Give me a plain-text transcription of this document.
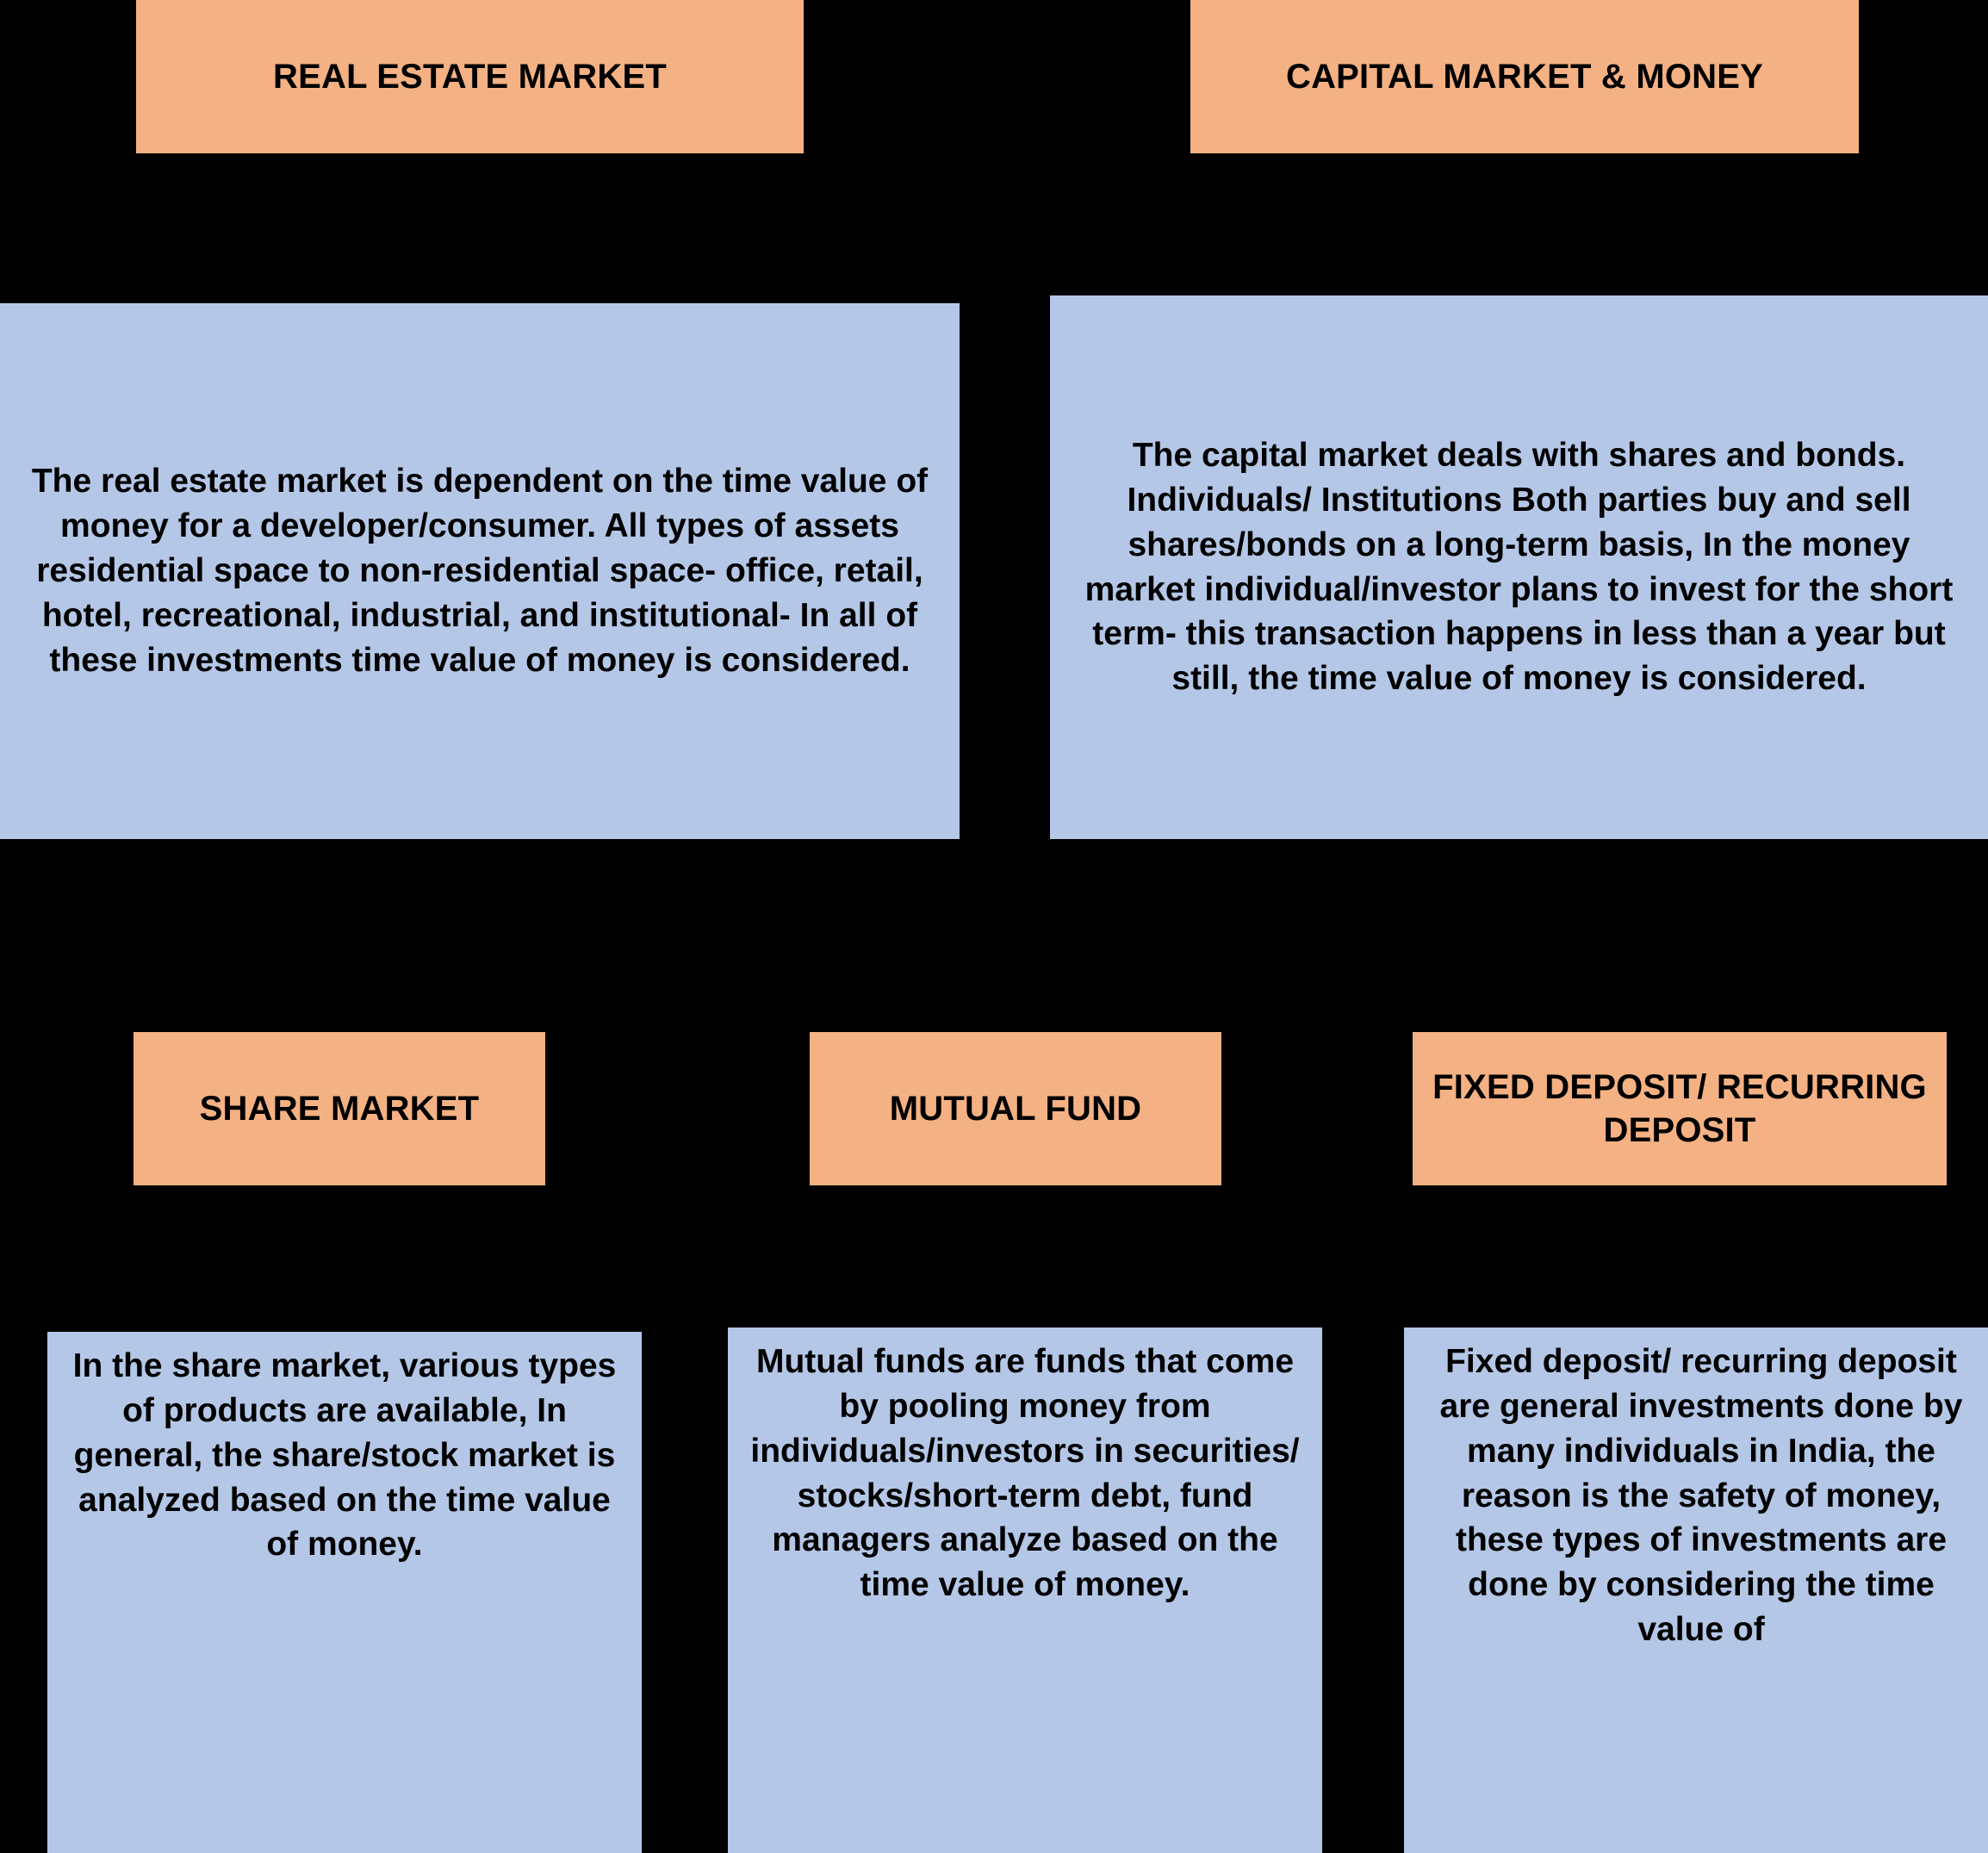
REAL ESTATE MARKET	CAPITAL MARKET & MONEY
The real estate market is dependent on the time value of money for a developer/consumer. All types of assets residential space to non-residential space- office, retail, hotel, recreational, industrial, and institutional- In all of these investments time value of money is considered.
The capital market deals with shares and bonds. Individuals/ Institutions Both parties buy and sell shares/bonds on a long-term basis, In the money market individual/investor plans to invest for the short term- this transaction happens in less than a year but still, the time value of money is considered.
SHARE MARKET	MUTUAL FUND
FIXED DEPOSIT/ RECURRING DEPOSIT
In the share market, various types of products are available, In general, the share/stock market is analyzed based on the time value of money.
Mutual funds are funds that come by pooling money from individuals/investors in securities/ stocks/short-term debt, fund managers analyze based on the time value of money.
Fixed deposit/ recurring deposit are general investments done by many individuals in India, the reason is the safety of money, these types of investments are done by considering the time value of
